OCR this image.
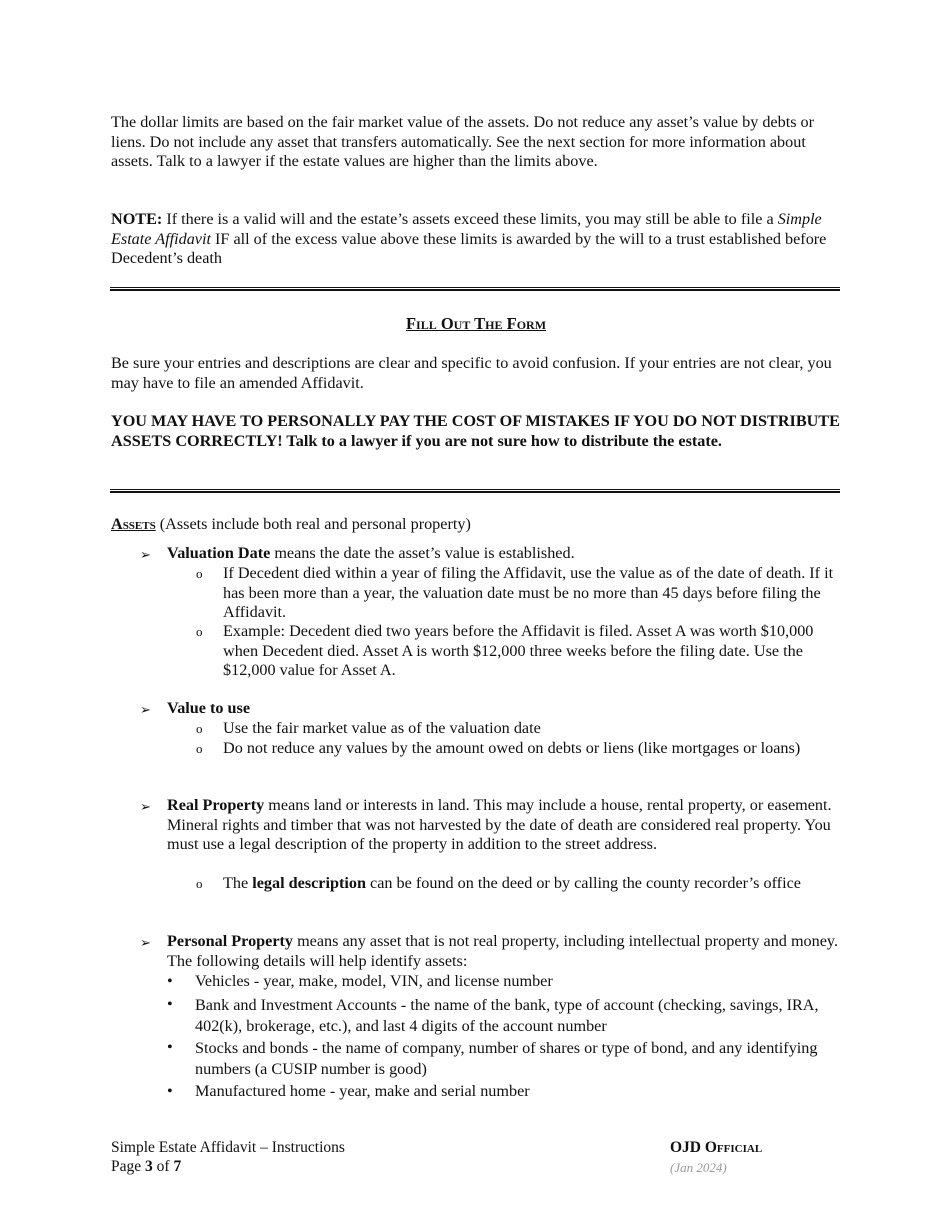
The dollar limits are based on the fair market value of the assets. Do not reduce any asset’s value by debts or liens. Do not include any asset that transfers automatically. See the next section for more information about assets. Talk to a lawyer if the estate values are higher than the limits above.

NOTE: If there is a valid will and the estate’s assets exceed these limits, you may still be able to file a Simple Estate Affidavit IF all of the excess value above these limits is awarded by the will to a trust established before Decedent’s death

Fill Out The Form

Be sure your entries and descriptions are clear and specific to avoid confusion. If your entries are not clear, you may have to file an amended Affidavit.

YOU MAY HAVE TO PERSONALLY PAY THE COST OF MISTAKES IF YOU DO NOT DISTRIBUTE ASSETS CORRECTLY! Talk to a lawyer if you are not sure how to distribute the estate.

Assets (Assets include both real and personal property)

➢ Valuation Date means the date the asset’s value is established.

o If Decedent died within a year of filing the Affidavit, use the value as of the date of death. If it has been more than a year, the valuation date must be no more than 45 days before filing the Affidavit.
o Example: Decedent died two years before the Affidavit is filed. Asset A was worth $10,000 when Decedent died. Asset A is worth $12,000 three weeks before the filing date. Use the $12,000 value for Asset A.
➢ Value to use

o Use the fair market value as of the valuation date
o Do not reduce any values by the amount owed on debts or liens (like mortgages or loans)
➢ Real Property means land or interests in land. This may include a house, rental property, or easement. Mineral rights and timber that was not harvested by the date of death are considered real property. You must use a legal description of the property in addition to the street address.

o The legal description can be found on the deed or by calling the county recorder’s office
➢ Personal Property means any asset that is not real property, including intellectual property and money. The following details will help identify assets:

• Vehicles - year, make, model, VIN, and license number
• Bank and Investment Accounts - the name of the bank, type of account (checking, savings, IRA, 402(k), brokerage, etc.), and last 4 digits of the account number
• Stocks and bonds - the name of company, number of shares or type of bond, and any identifying numbers (a CUSIP number is good)
• Manufactured home - year, make and serial number
Simple Estate Affidavit – Instructions
Page 3 of 7
OJD Official
(Jan 2024)
